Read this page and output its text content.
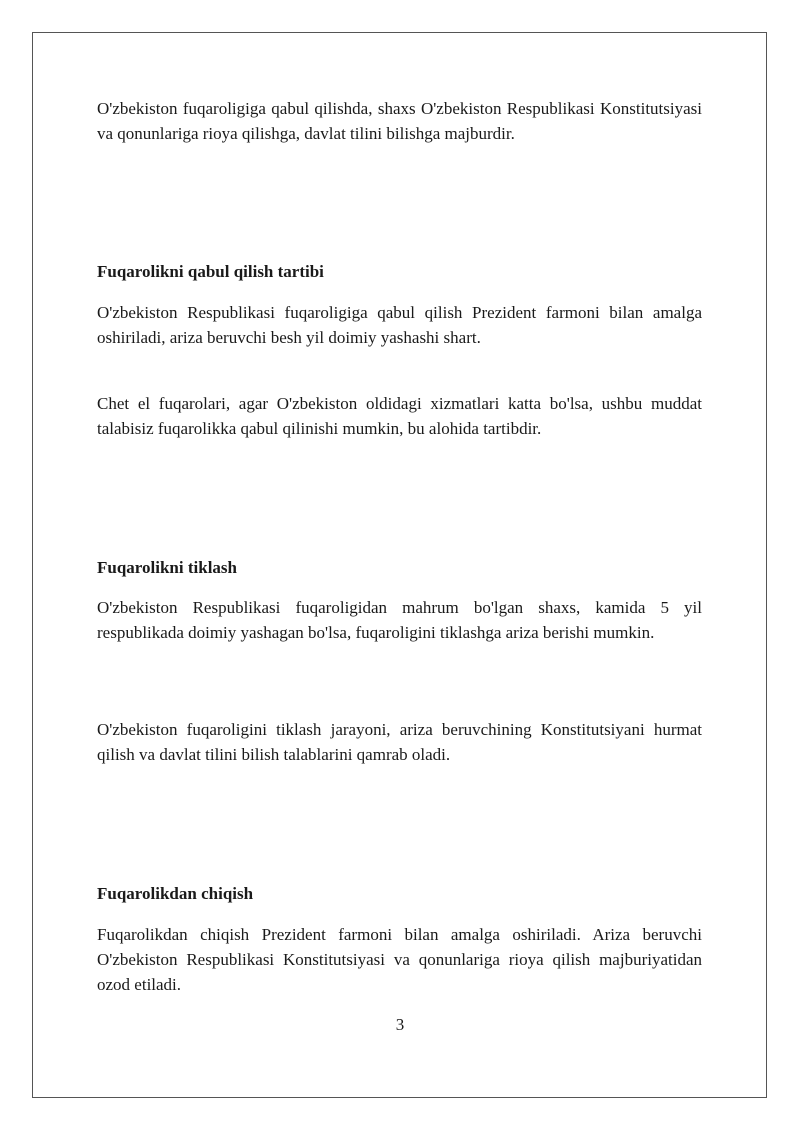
O'zbekiston fuqaroligiga qabul qilishda, shaxs O'zbekiston Respublikasi Konstitutsiyasi va qonunlariga rioya qilishga, davlat tilini bilishga majburdir.

Fuqarolikni qabul qilish tartibi

O'zbekiston Respublikasi fuqaroligiga qabul qilish Prezident farmoni bilan amalga oshiriladi, ariza beruvchi besh yil doimiy yashashi shart.

Chet el fuqarolari, agar O'zbekiston oldidagi xizmatlari katta bo'lsa, ushbu muddat talabisiz fuqarolikka qabul qilinishi mumkin, bu alohida tartibdir.

Fuqarolikni tiklash

O'zbekiston Respublikasi fuqaroligidan mahrum bo'lgan shaxs, kamida 5 yil respublikada doimiy yashagan bo'lsa, fuqaroligini tiklashga ariza berishi mumkin.

O'zbekiston fuqaroligini tiklash jarayoni, ariza beruvchining Konstitutsiyani hurmat qilish va davlat tilini bilish talablarini qamrab oladi.

Fuqarolikdan chiqish

Fuqarolikdan chiqish Prezident farmoni bilan amalga oshiriladi. Ariza beruvchi O'zbekiston Respublikasi Konstitutsiyasi va qonunlariga rioya qilish majburiyatidan ozod etiladi.

3
